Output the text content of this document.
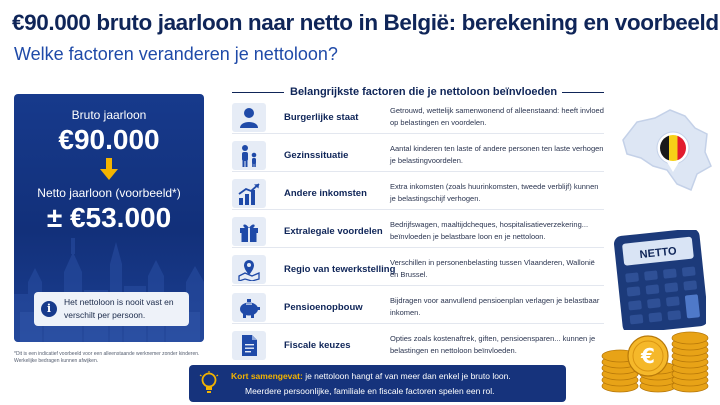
€90.000 bruto jaarloon naar netto in België: berekening en voorbeeld
Welke factoren veranderen je nettoloon?
Bruto jaarloon
€90.000
Netto jaarloon (voorbeeld*)
± €53.000
i	Het nettoloon is nooit vast en verschilt per persoon.
*Dit is een indicatief voorbeeld voor een alleenstaande werknemer zonder kinderen. Werkelijke bedragen kunnen afwijken.
Belangrijkste factoren die je nettoloon beïnvloeden
Burgerlijke staat
Getrouwd, wettelijk samenwonend of alleenstaand: heeft invloed op belastingen en voordelen.
Gezinssituatie
Aantal kinderen ten laste of andere personen ten laste verhogen je belastingvoordelen.
Andere inkomsten
Extra inkomsten (zoals huurinkomsten, tweede verblijf) kunnen je belastingschijf verhogen.
Extralegale voordelen
Bedrijfswagen, maaltijdcheques, hospitalisatieverzekering... beïnvloeden je belastbare loon en je nettoloon.
Regio van tewerkstelling
Verschillen in personenbelasting tussen Vlaanderen, Wallonië en Brussel.
Pensioenopbouw
Bijdragen voor aanvullend pensioenplan verlagen je belastbaar inkomen.
Fiscale keuzes
Opties zoals kostenaftrek, giften, pensioensparen... kunnen je belastingen en nettoloon beïnvloeden.
NETTO
€
Kort samengevat: je nettoloon hangt af van meer dan enkel je bruto loon.
Meerdere persoonlijke, familiale en fiscale factoren spelen een rol.
